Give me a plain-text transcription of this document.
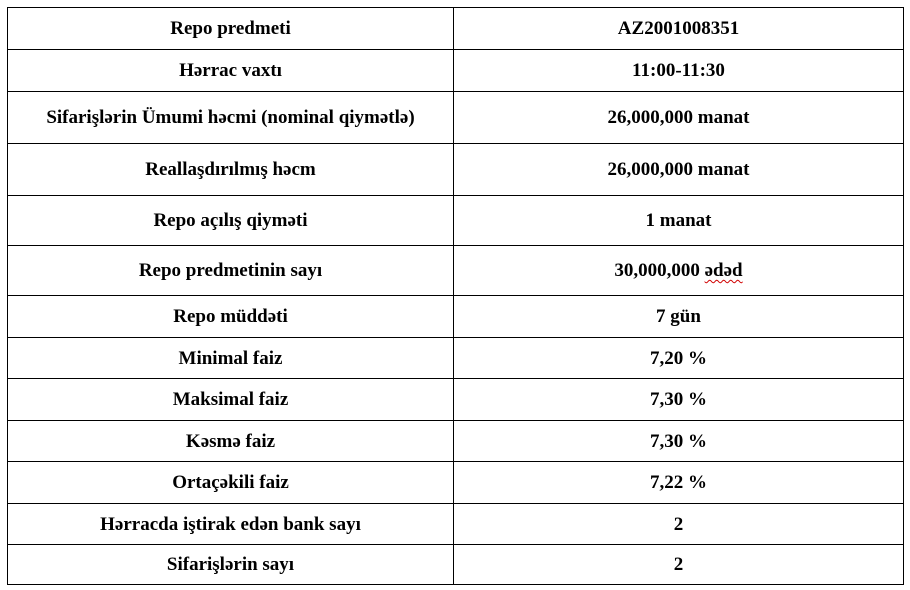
Repo predmeti	AZ2001008351
Hərrac vaxtı	11:00-11:30
Sifarişlərin Ümumi həcmi (nominal qiymətlə)	26,000,000 manat
Reallaşdırılmış həcm	26,000,000 manat
Repo açılış qiyməti	1 manat
Repo predmetinin sayı	30,000,000 ədəd
Repo müddəti	7 gün
Minimal faiz	7,20 %
Maksimal faiz	7,30 %
Kəsmə faiz	7,30 %
Ortaçəkili faiz	7,22 %
Hərracda iştirak edən bank sayı	2
Sifarişlərin sayı	2
